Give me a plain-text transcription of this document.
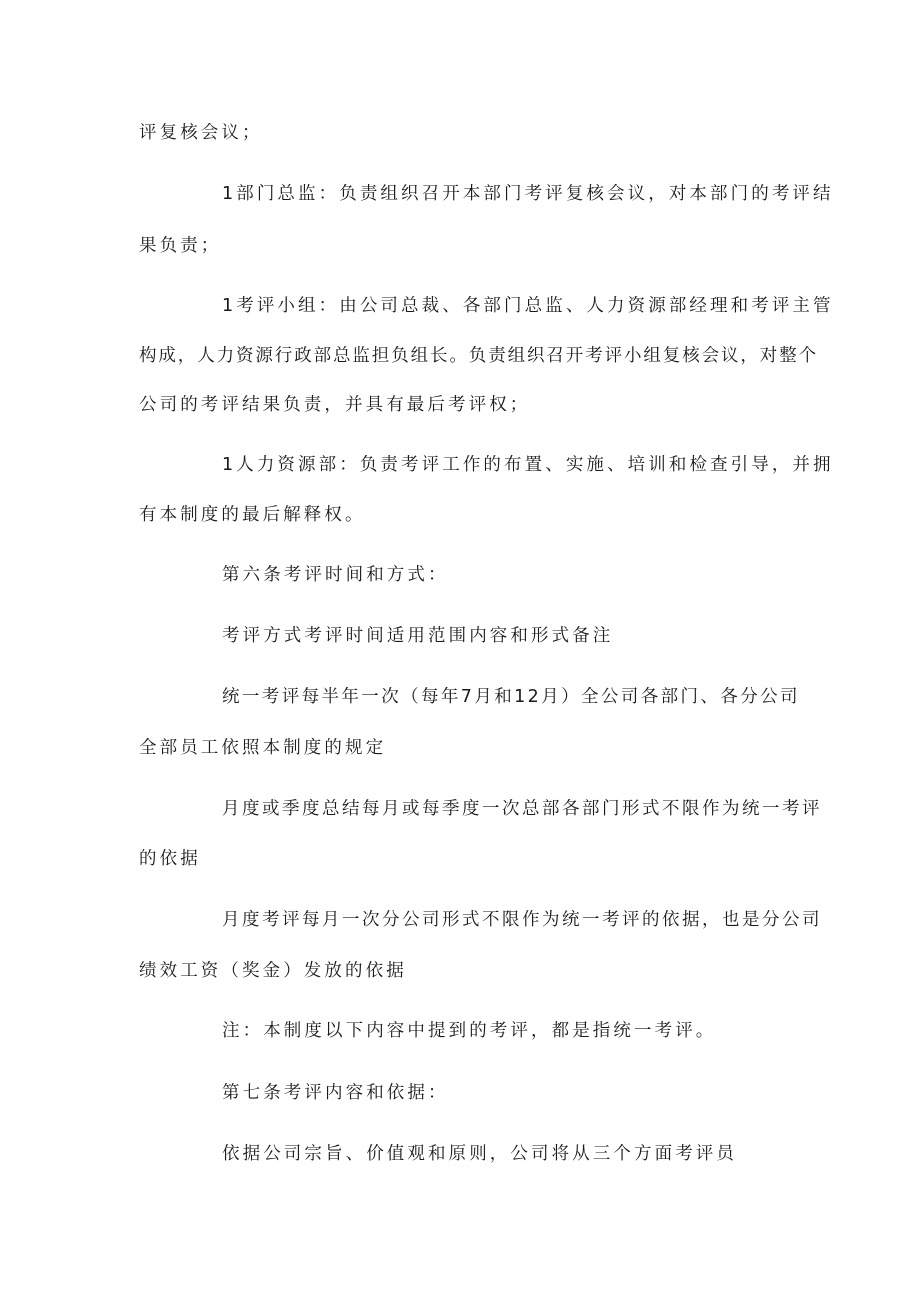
评复核会议；

1部门总监：负责组织召开本部门考评复核会议，对本部门的考评结

果负责；

1考评小组：由公司总裁、各部门总监、人力资源部经理和考评主管

构成，人力资源行政部总监担负组长。负责组织召开考评小组复核会议，对整个

公司的考评结果负责，并具有最后考评权；

1人力资源部：负责考评工作的布置、实施、培训和检查引导，并拥

有本制度的最后解释权。

第六条考评时间和方式：

考评方式考评时间适用范围内容和形式备注

统一考评每半年一次（每年7月和12月）全公司各部门、各分公司

全部员工依照本制度的规定

月度或季度总结每月或每季度一次总部各部门形式不限作为统一考评

的依据

月度考评每月一次分公司形式不限作为统一考评的依据，也是分公司

绩效工资（奖金）发放的依据

注：本制度以下内容中提到的考评，都是指统一考评。

第七条考评内容和依据：

依据公司宗旨、价值观和原则，公司将从三个方面考评员
